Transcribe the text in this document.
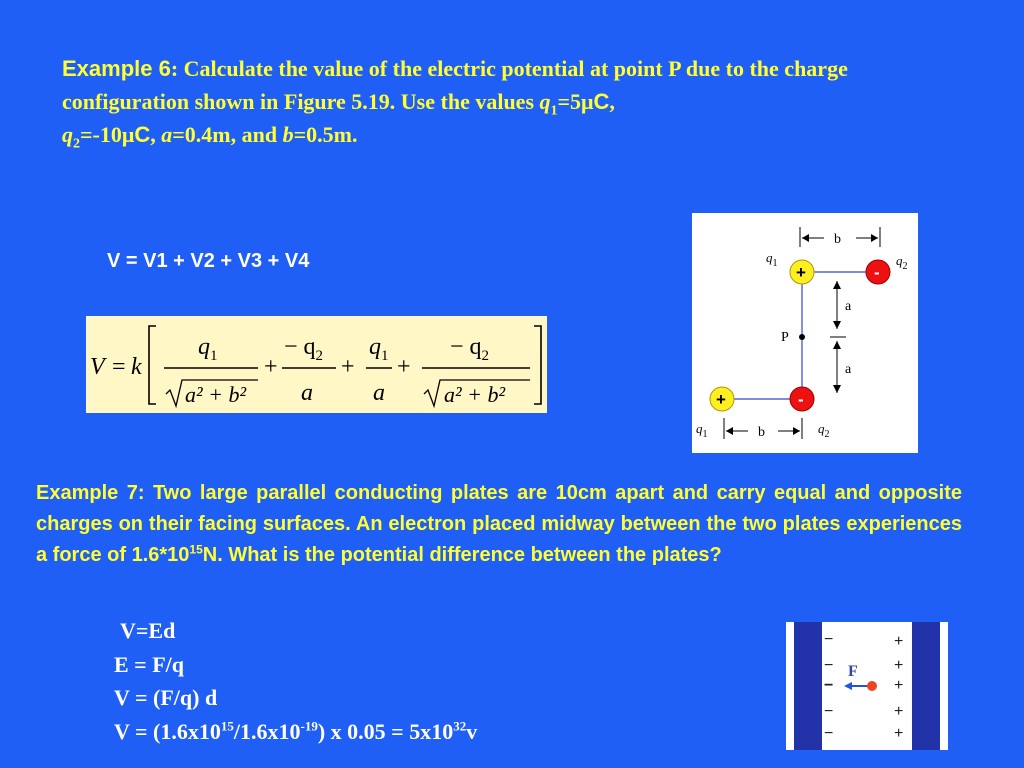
Example 6: Calculate the value of the electric potential at point P due to the charge configuration shown in Figure 5.19. Use the values $q_1=5\mu C$,
$q_2=-10\mu C$, a=0.4m, and b=0.5m.
V = V1 + V2 + V3 + V4
V = k
$q_1$
a² + b²
+
− $q_2$
a
+
$q_1$
a
+
− $q_2$
a² + b²
b
a
a
P
$q_1$ +	-
$q_2$
+	-
b
$q_1$	$q_2$
Example 7: Two large parallel conducting plates are 10cm apart and carry equal and opposite charges on their facing surfaces. An electron placed midway between the two plates experiences a force of $1.6*10^{15}N$. What is the potential difference between the plates?
V=Ed
E = F/q
V = (F/q) d
$V = (1.6x10^{15}/1.6x10^{-19})$ x $0.05 = 5x10^{32}v$
−
−
−
−
−
+
+
+
+
+
F
